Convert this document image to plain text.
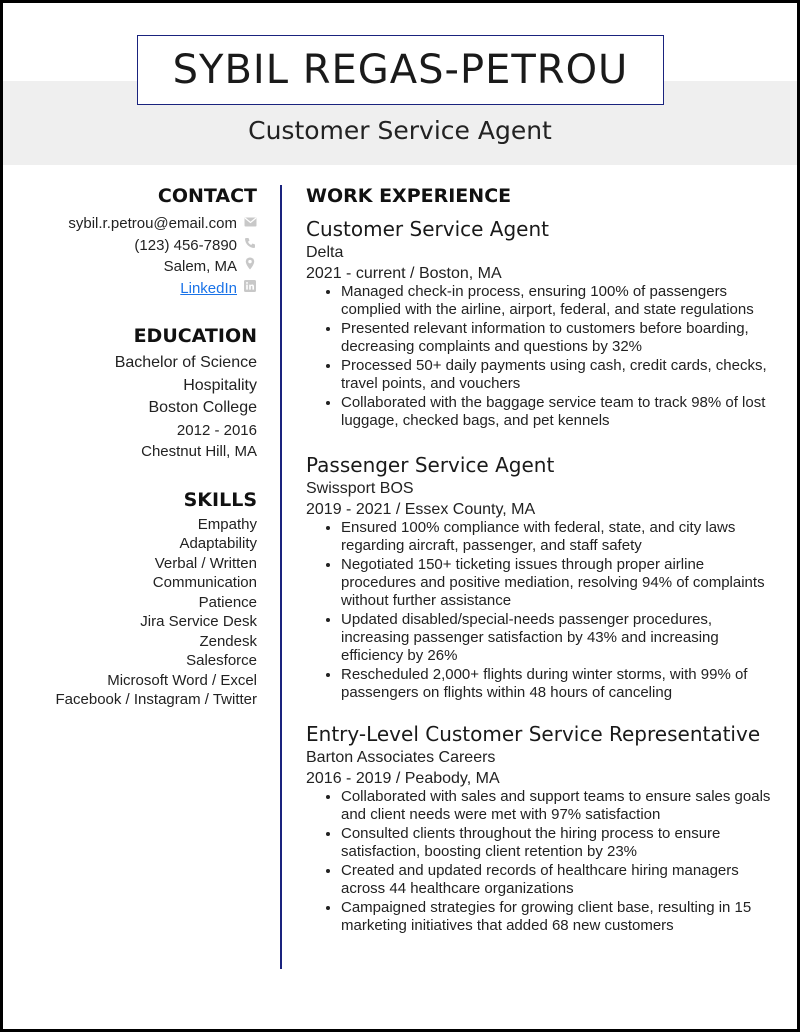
SYBIL REGAS-PETROU
Customer Service Agent
CONTACT
sybil.r.petrou@email.com
(123) 456-7890
Salem, MA
LinkedIn
EDUCATION
Bachelor of Science
Hospitality
Boston College
2012 - 2016
Chestnut Hill, MA
SKILLS
Empathy
Adaptability
Verbal / Written
Communication
Patience
Jira Service Desk
Zendesk
Salesforce
Microsoft Word / Excel
Facebook / Instagram / Twitter
WORK EXPERIENCE
Customer Service Agent
Delta
2021 - current / Boston, MA
• Managed check-in process, ensuring 100% of passengers complied with the airline, airport, federal, and state regulations
• Presented relevant information to customers before boarding, decreasing complaints and questions by 32%
• Processed 50+ daily payments using cash, credit cards, checks, travel points, and vouchers
• Collaborated with the baggage service team to track 98% of lost luggage, checked bags, and pet kennels
Passenger Service Agent
Swissport BOS
2019 - 2021 / Essex County, MA
• Ensured 100% compliance with federal, state, and city laws regarding aircraft, passenger, and staff safety
• Negotiated 150+ ticketing issues through proper airline procedures and positive mediation, resolving 94% of complaints without further assistance
• Updated disabled/special-needs passenger procedures, increasing passenger satisfaction by 43% and increasing efficiency by 26%
• Rescheduled 2,000+ flights during winter storms, with 99% of passengers on flights within 48 hours of canceling
Entry-Level Customer Service Representative
Barton Associates Careers
2016 - 2019 / Peabody, MA
• Collaborated with sales and support teams to ensure sales goals and client needs were met with 97% satisfaction
• Consulted clients throughout the hiring process to ensure satisfaction, boosting client retention by 23%
• Created and updated records of healthcare hiring managers across 44 healthcare organizations
• Campaigned strategies for growing client base, resulting in 15 marketing initiatives that added 68 new customers
